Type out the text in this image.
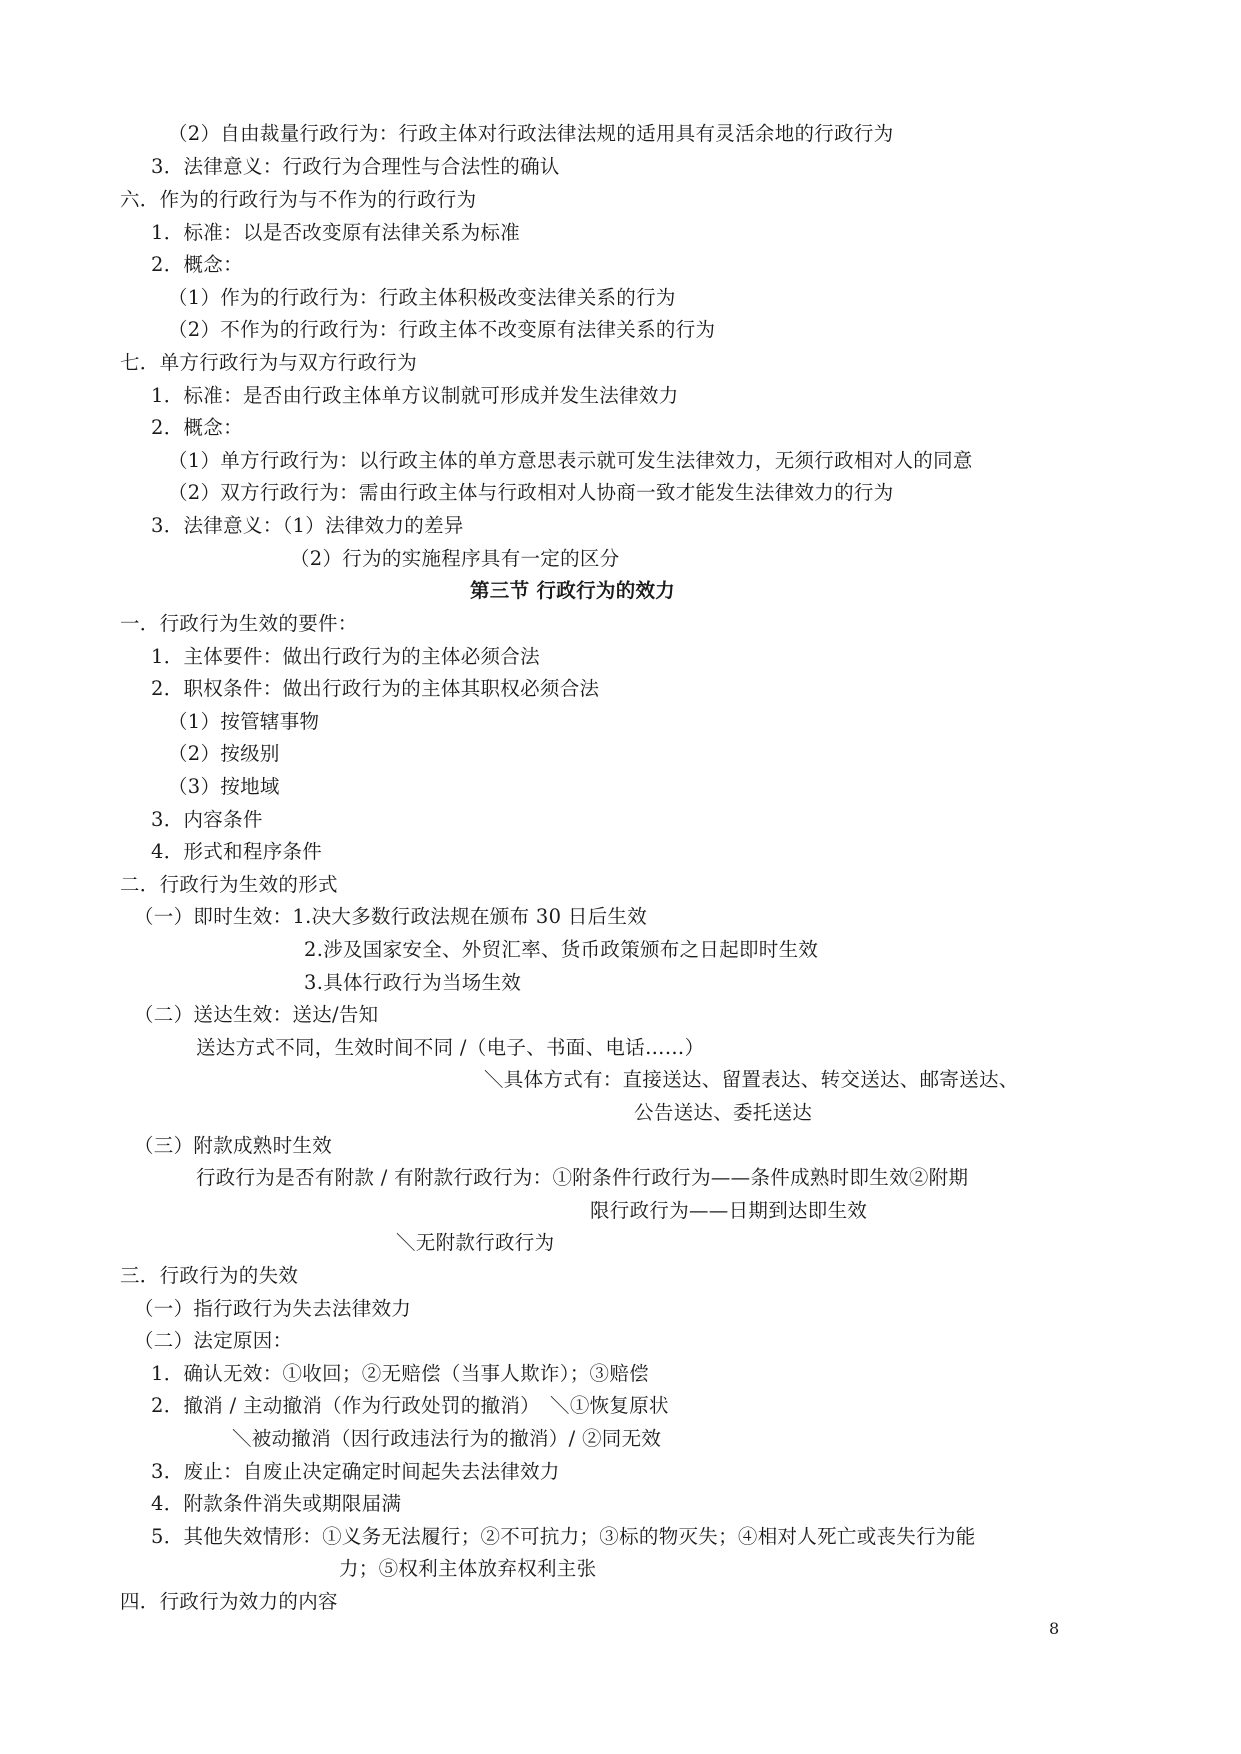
（2）自由裁量行政行为：行政主体对行政法律法规的适用具有灵活余地的行政行为
3．法律意义：行政行为合理性与合法性的确认
六．作为的行政行为与不作为的行政行为
1．标准：以是否改变原有法律关系为标准
2．概念：
（1）作为的行政行为：行政主体积极改变法律关系的行为
（2）不作为的行政行为：行政主体不改变原有法律关系的行为
七．单方行政行为与双方行政行为
1．标准：是否由行政主体单方议制就可形成并发生法律效力
2．概念：
（1）单方行政行为：以行政主体的单方意思表示就可发生法律效力，无须行政相对人的同意
（2）双方行政行为：需由行政主体与行政相对人协商一致才能发生法律效力的行为
3．法律意义：（1）法律效力的差异
（2）行为的实施程序具有一定的区分
第三节 行政行为的效力
一．行政行为生效的要件：
1．主体要件：做出行政行为的主体必须合法
2．职权条件：做出行政行为的主体其职权必须合法
（1）按管辖事物
（2）按级别
（3）按地域
3．内容条件
4．形式和程序条件
二．行政行为生效的形式
（一）即时生效：1.决大多数行政法规在颁布 30 日后生效
2.涉及国家安全、外贸汇率、货币政策颁布之日起即时生效
3.具体行政行为当场生效
（二）送达生效：送达/告知
送达方式不同，生效时间不同 /（电子、书面、电话……）
＼具体方式有：直接送达、留置表达、转交送达、邮寄送达、
公告送达、委托送达
（三）附款成熟时生效
行政行为是否有附款 / 有附款行政行为：①附条件行政行为——条件成熟时即生效②附期
限行政行为——日期到达即生效
＼无附款行政行为
三．行政行为的失效
（一）指行政行为失去法律效力
（二）法定原因：
1．确认无效：①收回；②无赔偿（当事人欺诈）；③赔偿
2．撤消 / 主动撤消（作为行政处罚的撤消）　＼①恢复原状
＼被动撤消（因行政违法行为的撤消）/ ②同无效
3．废止：自废止决定确定时间起失去法律效力
4．附款条件消失或期限届满
5．其他失效情形：①义务无法履行；②不可抗力；③标的物灭失；④相对人死亡或丧失行为能
力；⑤权利主体放弃权利主张
四．行政行为效力的内容
8
